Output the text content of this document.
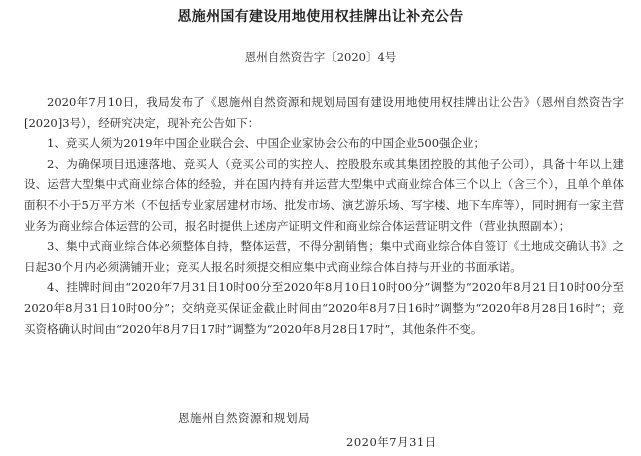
恩施州国有建设用地使用权挂牌出让补充公告
恩州自然资告字〔2020〕4号

2020年7月10日，我局发布了《恩施州自然资源和规划局国有建设用地使用权挂牌出让公告》（恩州自然资告字[2020]3号），经研究决定，现补充公告如下：

1、竞买人须为2019年中国企业联合会、中国企业家协会公布的中国企业500强企业；

2、为确保项目迅速落地、竞买人（竞买公司的实控人、控股股东或其集团控股的其他子公司），具备十年以上建设、运营大型集中式商业综合体的经验，并在国内持有并运营大型集中式商业综合体三个以上（含三个），且单个单体面积不小于5万平方米（不包括专业家居建材市场、批发市场、演艺游乐场、写字楼、地下车库等），同时拥有一家主营业务为商业综合体运营的公司，报名时提供上述房产证明文件和商业综合体运营证明文件（营业执照副本）；

3、集中式商业综合体必须整体自持，整体运营，不得分割销售；集中式商业综合体自签订《土地成交确认书》之日起30个月内必须满铺开业；竞买人报名时须提交相应集中式商业综合体自持与开业的书面承诺。

4、挂牌时间由“2020年7月31日10时00分至2020年8月10日10时00分”调整为“2020年8月21日10时00分至2020年8月31日10时00分”；交纳竞买保证金截止时间由“2020年8月7日16时”调整为“2020年8月28日16时”；竞买资格确认时间由“2020年8月7日17时”调整为“2020年8月28日17时”，其他条件不变。

恩施州自然资源和规划局
2020年7月31日
